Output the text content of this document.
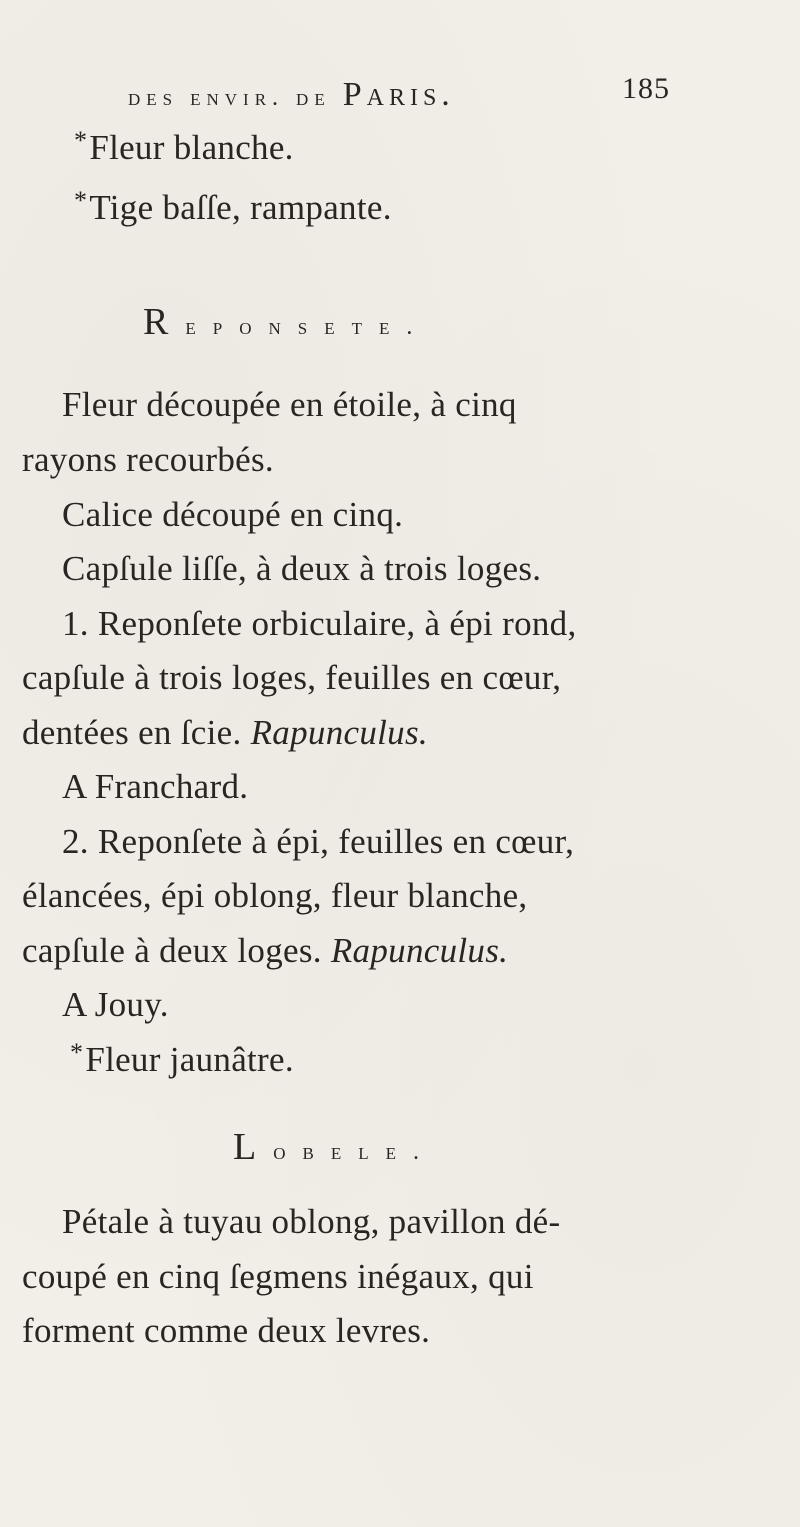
des envir. de Paris.	185
*Fleur blanche.
*Tige baſſe, rampante.
Reponsete.
Fleur découpée en étoile, à cinq
rayons recourbés.
Calice découpé en cinq.
Capſule liſſe, à deux à trois loges.
1. Reponſete orbiculaire, à épi rond,
capſule à trois loges, feuilles en cœur,
dentées en ſcie. Rapunculus.
A Franchard.
2. Reponſete à épi, feuilles en cœur,
élancées, épi oblong, fleur blanche,
capſule à deux loges. Rapunculus.
A Jouy.
*Fleur jaunâtre.
Lobele.
Pétale à tuyau oblong, pavillon dé-
coupé en cinq ſegmens inégaux, qui
forment comme deux levres.
